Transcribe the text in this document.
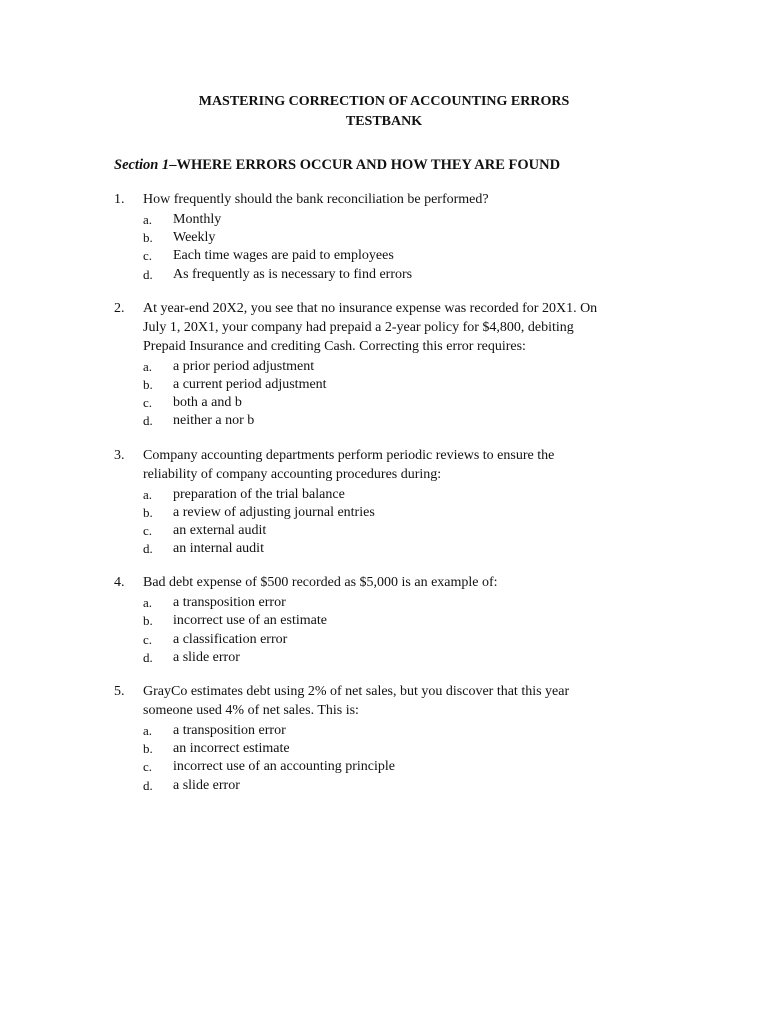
MASTERING CORRECTION OF ACCOUNTING ERRORS
TESTBANK
Section 1–WHERE ERRORS OCCUR AND HOW THEY ARE FOUND
1.	How frequently should the bank reconciliation be performed?
a.	Monthly
b.	Weekly
c.	Each time wages are paid to employees
d.	As frequently as is necessary to find errors
2.	At year-end 20X2, you see that no insurance expense was recorded for 20X1. On
July 1, 20X1, your company had prepaid a 2-year policy for $4,800, debiting
Prepaid Insurance and crediting Cash. Correcting this error requires:
a.	a prior period adjustment
b.	a current period adjustment
c.	both a and b
d.	neither a nor b
3.	Company accounting departments perform periodic reviews to ensure the
reliability of company accounting procedures during:
a.	preparation of the trial balance
b.	a review of adjusting journal entries
c.	an external audit
d.	an internal audit
4.	Bad debt expense of $500 recorded as $5,000 is an example of:
a.	a transposition error
b.	incorrect use of an estimate
c.	a classification error
d.	a slide error
5.	GrayCo estimates debt using 2% of net sales, but you discover that this year
someone used 4% of net sales. This is:
a.	a transposition error
b.	an incorrect estimate
c.	incorrect use of an accounting principle
d.	a slide error
